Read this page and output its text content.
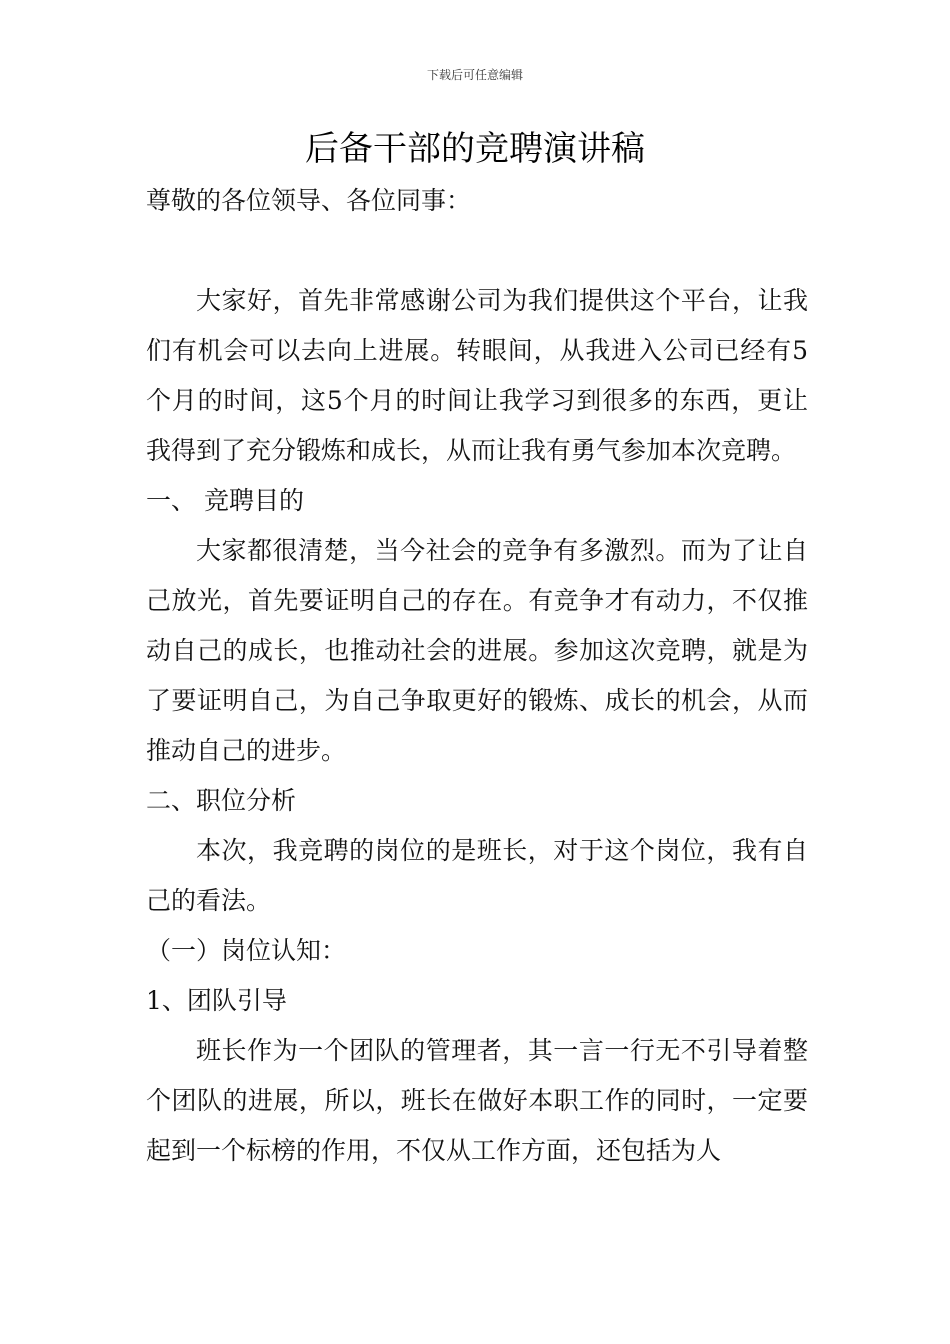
下载后可任意编辑
后备干部的竞聘演讲稿

尊敬的各位领导、各位同事：

大家好，首先非常感谢公司为我们提供这个平台，让我们有机会可以去向上进展。转眼间，从我进入公司已经有5个月的时间，这5个月的时间让我学习到很多的东西，更让我得到了充分锻炼和成长，从而让我有勇气参加本次竞聘。

一、 竞聘目的

大家都很清楚，当今社会的竞争有多激烈。而为了让自己放光，首先要证明自己的存在。有竞争才有动力，不仅推动自己的成长，也推动社会的进展。参加这次竞聘，就是为了要证明自己，为自己争取更好的锻炼、成长的机会，从而推动自己的进步。

二、职位分析

本次，我竞聘的岗位的是班长，对于这个岗位，我有自己的看法。

（一）岗位认知：

1、团队引导

班长作为一个团队的管理者，其一言一行无不引导着整个团队的进展，所以，班长在做好本职工作的同时，一定要起到一个标榜的作用，不仅从工作方面，还包括为人
